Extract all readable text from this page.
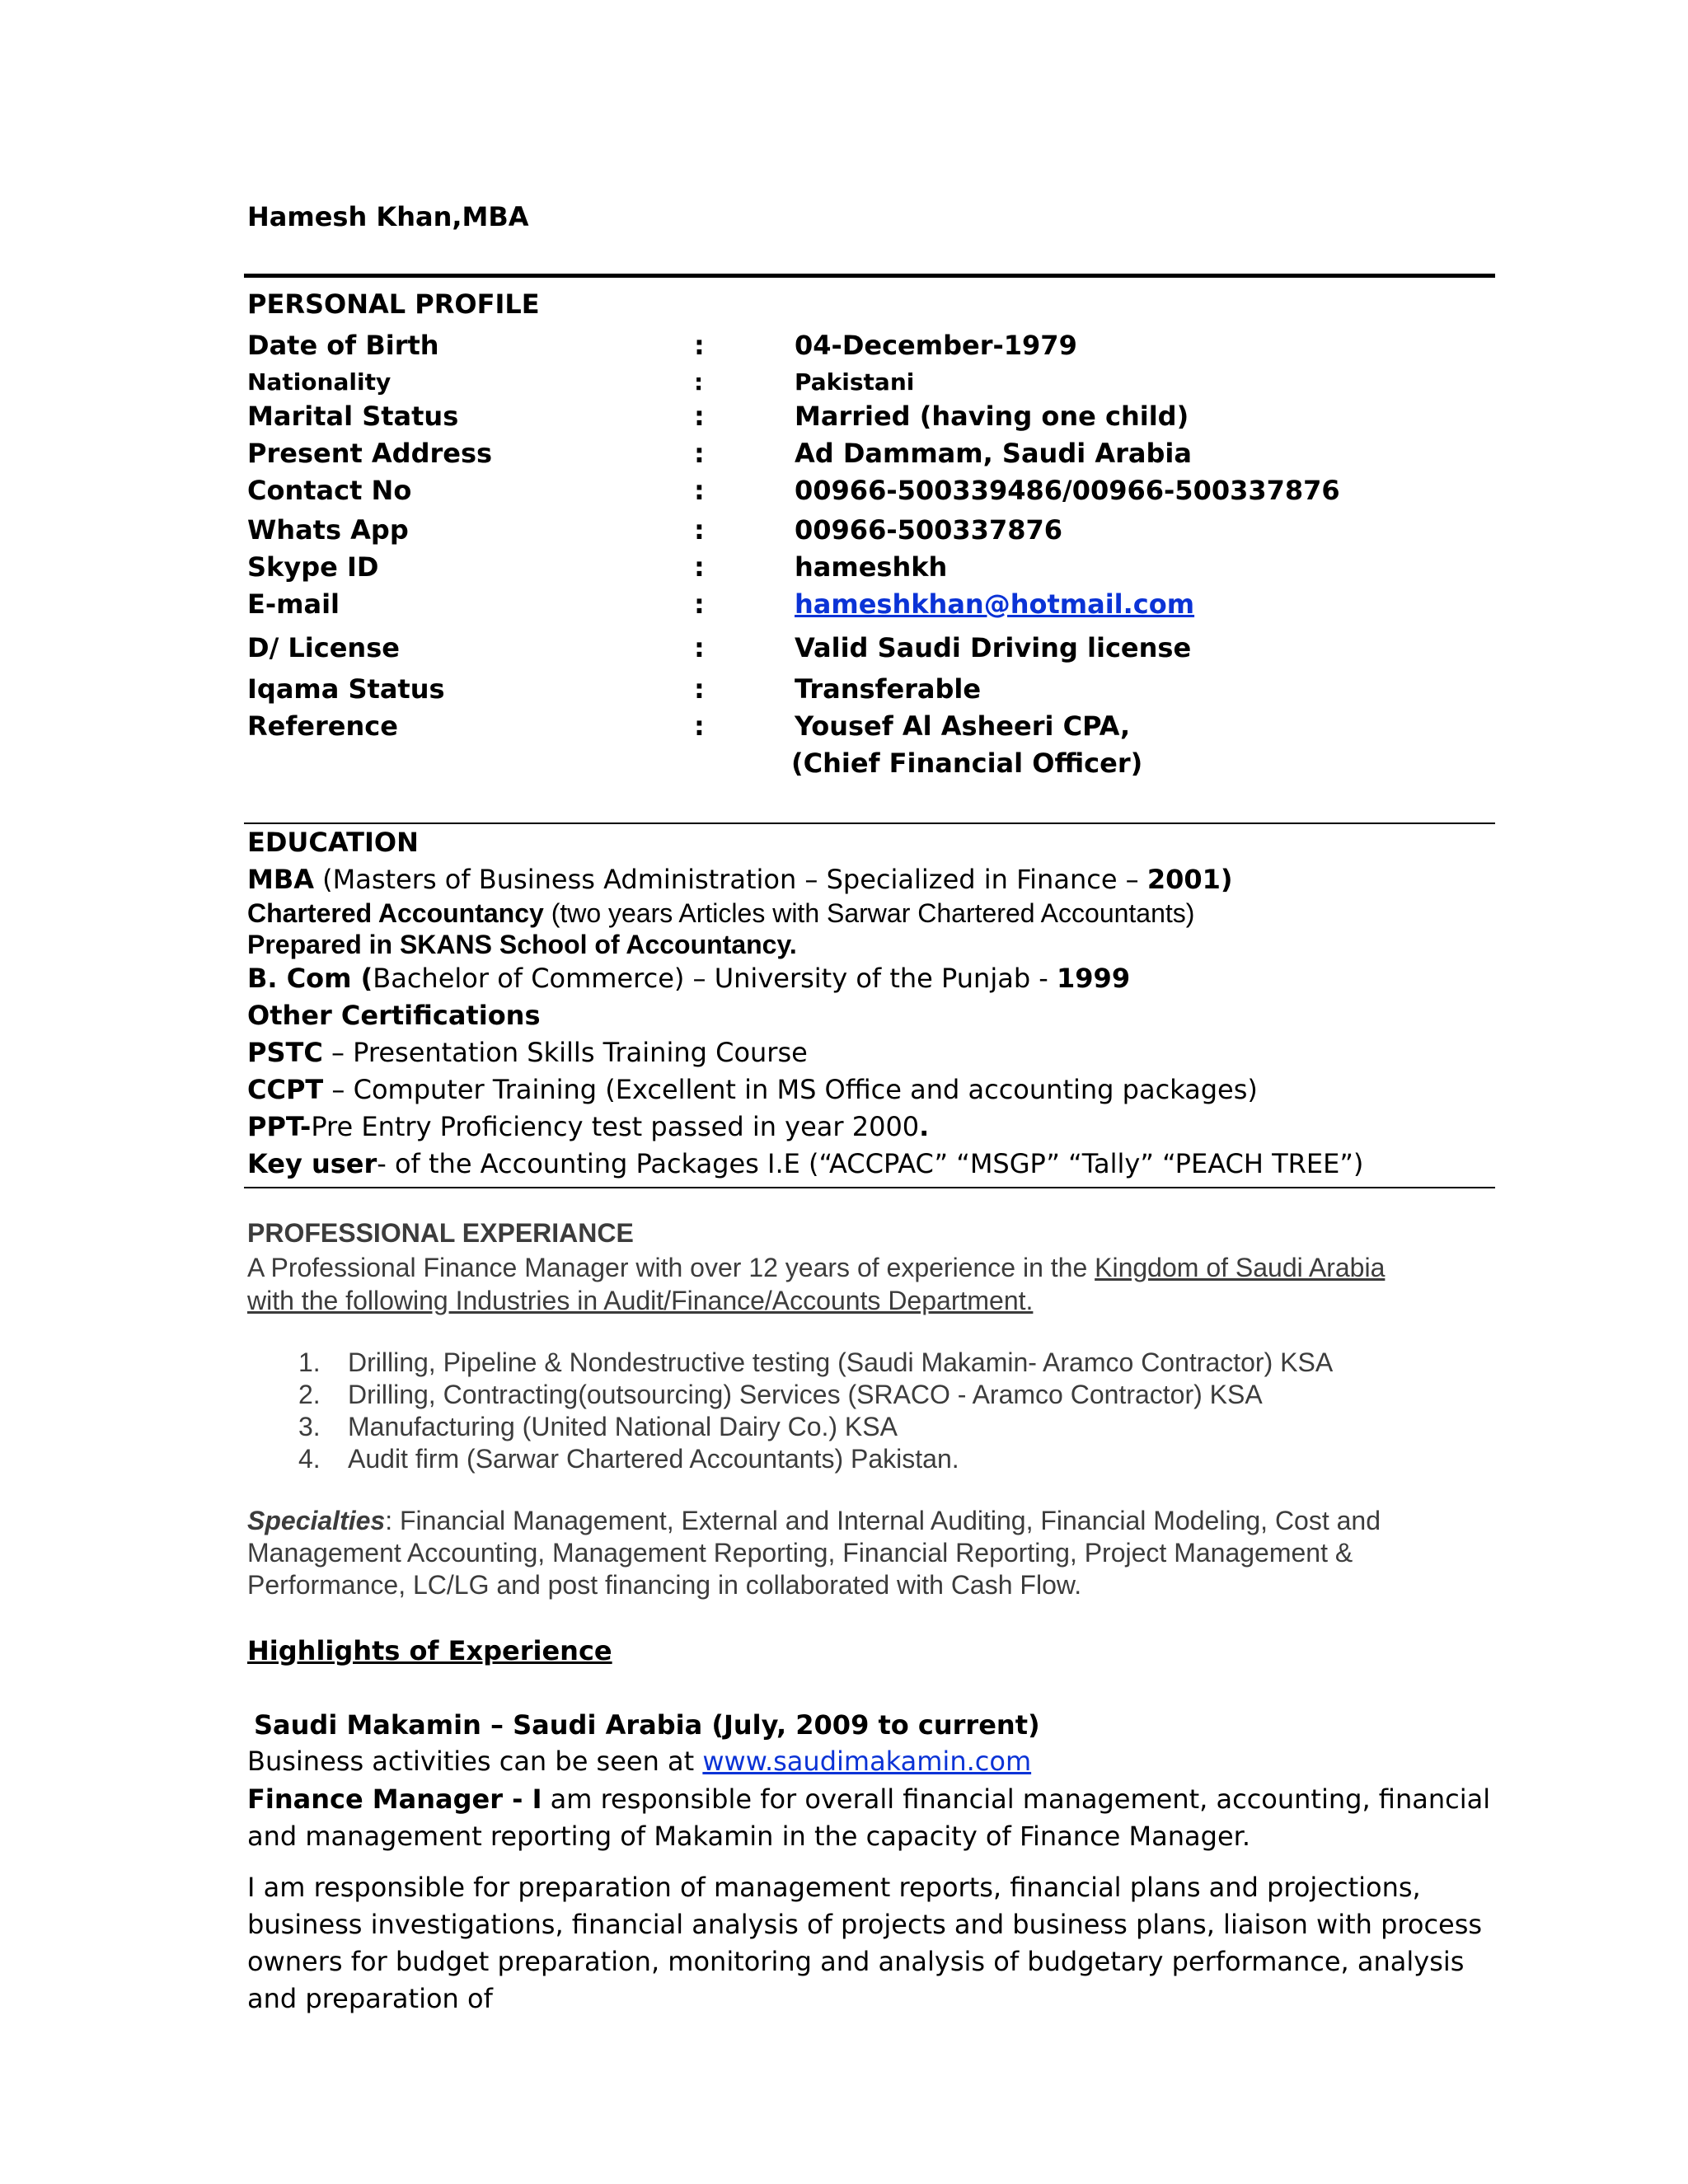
Hamesh Khan,MBA
PERSONAL PROFILE
Date of Birth	:	04-December-1979
Nationality	:	Pakistani
Marital Status	:	Married (having one child)
Present Address	:	Ad Dammam, Saudi Arabia
Contact No	:	00966-500339486/00966-500337876
Whats App	:	00966-500337876
Skype ID	:	hameshkh
E-mail	:	hameshkhan@hotmail.com
D/ License	:	Valid Saudi Driving license
Iqama Status	:	Transferable
Reference	:	Yousef Al Asheeri CPA,
(Chief Financial Officer)
EDUCATION
MBA (Masters of Business Administration – Specialized in Finance – 2001)
Chartered Accountancy (two years Articles with Sarwar Chartered Accountants)
Prepared in SKANS School of Accountancy.
B. Com (Bachelor of Commerce) – University of the Punjab - 1999
Other Certifications
PSTC – Presentation Skills Training Course
CCPT – Computer Training (Excellent in MS Office and accounting packages)
PPT-Pre Entry Proficiency test passed in year 2000.
Key user- of the Accounting Packages I.E (“ACCPAC” “MSGP” “Tally” “PEACH TREE”)
PROFESSIONAL EXPERIANCE
A Professional Finance Manager with over 12 years of experience in the Kingdom of Saudi Arabia
with the following Industries in Audit/Finance/Accounts Department.
1. Drilling, Pipeline & Nondestructive testing (Saudi Makamin- Aramco Contractor) KSA
2. Drilling, Contracting(outsourcing) Services (SRACO - Aramco Contractor) KSA
3. Manufacturing (United National Dairy Co.) KSA
4. Audit firm (Sarwar Chartered Accountants) Pakistan.
Specialties: Financial Management, External and Internal Auditing, Financial Modeling, Cost and Management Accounting, Management Reporting, Financial Reporting, Project Management & Performance, LC/LG and post financing in collaborated with Cash Flow.
Highlights of Experience
Saudi Makamin – Saudi Arabia (July, 2009 to current)
Business activities can be seen at www.saudimakamin.com
Finance Manager - I am responsible for overall financial management, accounting, financial and management reporting of Makamin in the capacity of Finance Manager.
I am responsible for preparation of management reports, financial plans and projections, business investigations, financial analysis of projects and business plans, liaison with process owners for budget preparation, monitoring and analysis of budgetary performance, analysis and preparation of
